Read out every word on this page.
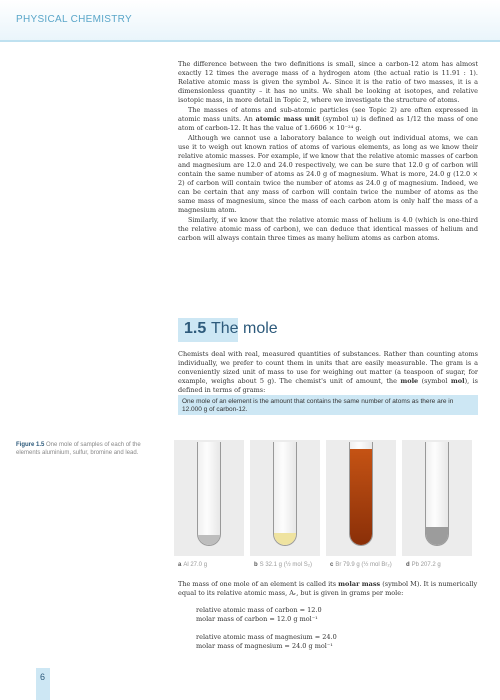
PHYSICAL CHEMISTRY

The difference between the two definitions is small, since a carbon-12 atom has almost exactly 12 times the average mass of a hydrogen atom (the actual ratio is 11.91 : 1). Relative atomic mass is given the symbol Aᵣ. Since it is the ratio of two masses, it is a dimensionless quantity – it has no units. We shall be looking at isotopes, and relative isotopic mass, in more detail in Topic 2, where we investigate the structure of atoms.

The masses of atoms and sub-atomic particles (see Topic 2) are often expressed in atomic mass units. An atomic mass unit (symbol u) is defined as 1/12 the mass of one atom of carbon-12. It has the value of 1.6606 × 10⁻²⁴ g.

Although we cannot use a laboratory balance to weigh out individual atoms, we can use it to weigh out known ratios of atoms of various elements, as long as we know their relative atomic masses. For example, if we know that the relative atomic masses of carbon and magnesium are 12.0 and 24.0 respectively, we can be sure that 12.0 g of carbon will contain the same number of atoms as 24.0 g of magnesium. What is more, 24.0 g (12.0 × 2) of carbon will contain twice the number of atoms as 24.0 g of magnesium. Indeed, we can be certain that any mass of carbon will contain twice the number of atoms as the same mass of magnesium, since the mass of each carbon atom is only half the mass of a magnesium atom.

Similarly, if we know that the relative atomic mass of helium is 4.0 (which is one-third the relative atomic mass of carbon), we can deduce that identical masses of helium and carbon will always contain three times as many helium atoms as carbon atoms.

1.5 The mole
Chemists deal with real, measured quantities of substances. Rather than counting atoms individually, we prefer to count them in units that are easily measurable. The gram is a conveniently sized unit of mass to use for weighing out matter (a teaspoon of sugar, for example, weighs about 5 g). The chemist's unit of amount, the mole (symbol mol), is defined in terms of grams:
One mole of an element is the amount that contains the same number of atoms as there are in 12.000 g of carbon-12.
Figure 1.5 One mole of samples of each of the elements aluminium, sulfur, bromine and lead.
a Al 27.0 g	b S 32.1 g (½ mol S₂)	c Br 79.9 g (½ mol Br₂) d Pb 207.2 g

The mass of one mole of an element is called its molar mass (symbol M). It is numerically equal to its relative atomic mass, Aᵣ, but is given in grams per mole:

relative atomic mass of carbon = 12.0

molar mass of carbon = 12.0 g mol⁻¹

relative atomic mass of magnesium = 24.0

molar mass of magnesium = 24.0 g mol⁻¹

6
